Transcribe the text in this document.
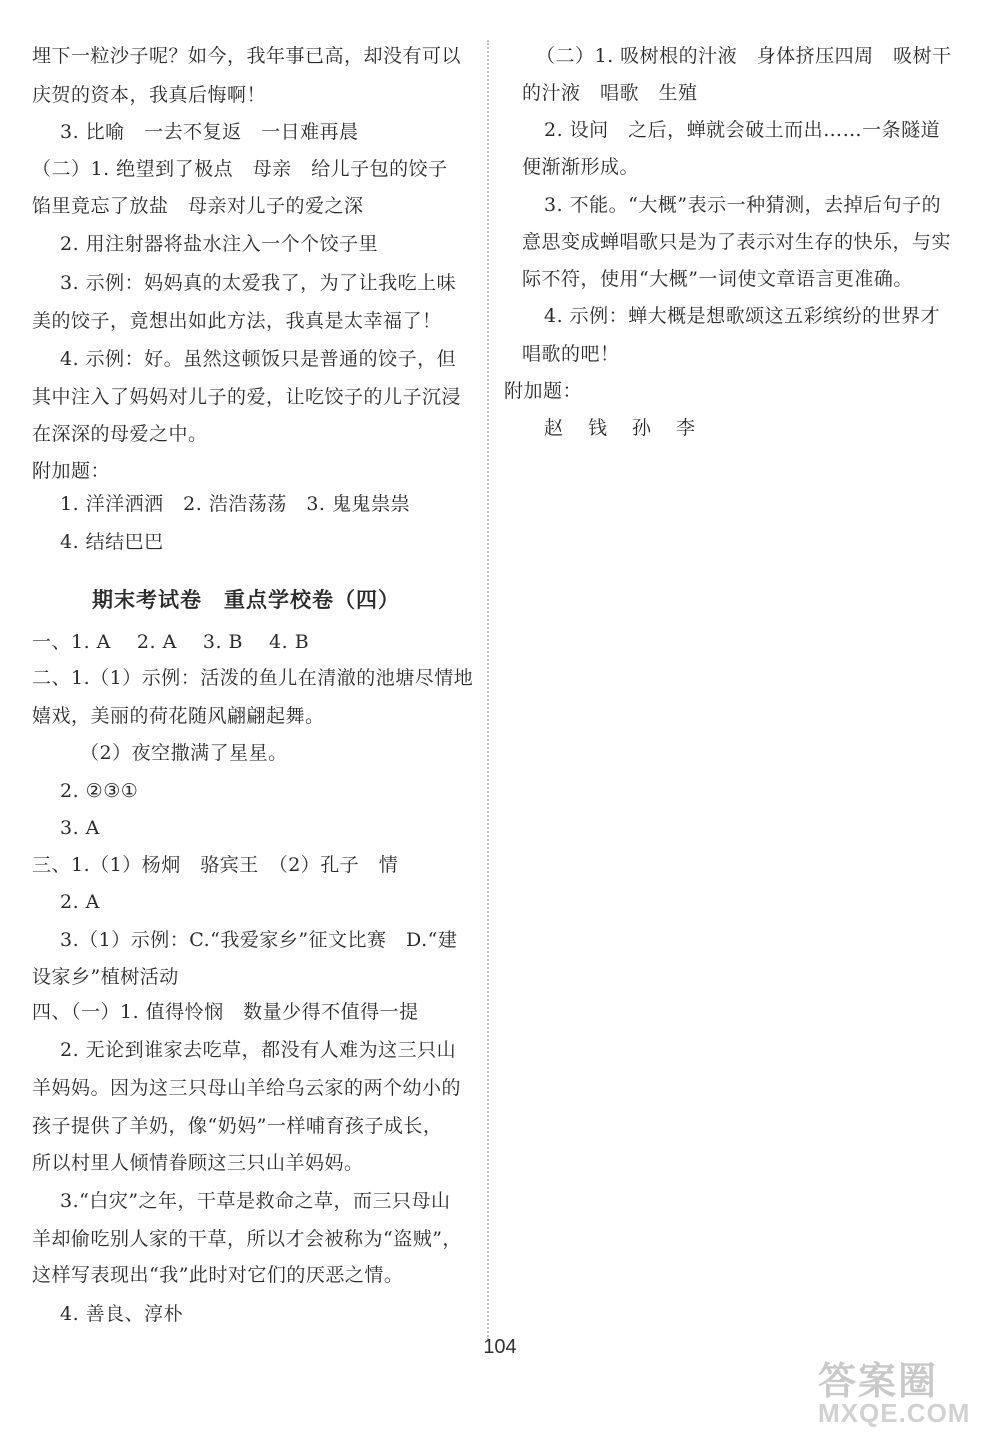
埋下一粒沙子呢？如今，我年事已高，却没有可以
庆贺的资本，我真后悔啊！
3. 比喻　一去不复返　一日难再晨
（二）1. 绝望到了极点　母亲　给儿子包的饺子
馅里竟忘了放盐　母亲对儿子的爱之深
2. 用注射器将盐水注入一个个饺子里
3. 示例：妈妈真的太爱我了，为了让我吃上味
美的饺子，竟想出如此方法，我真是太幸福了！
4. 示例：好。虽然这顿饭只是普通的饺子，但
其中注入了妈妈对儿子的爱，让吃饺子的儿子沉浸
在深深的母爱之中。
附加题：
1. 洋洋洒洒　2. 浩浩荡荡　3. 鬼鬼祟祟
4. 结结巴巴
期末考试卷　重点学校卷（四）
一、1. A　 2. A　 3. B　 4. B
二、1.（1）示例：活泼的鱼儿在清澈的池塘尽情地
嬉戏，美丽的荷花随风翩翩起舞。
（2）夜空撒满了星星。
2. ②③①
3. A
三、1.（1）杨炯　骆宾王　（2）孔子　情
2. A
3.（1）示例：C.“我爱家乡”征文比赛　D.“建
设家乡”植树活动
四、（一）1. 值得怜悯　数量少得不值得一提
2. 无论到谁家去吃草，都没有人难为这三只山
羊妈妈。因为这三只母山羊给乌云家的两个幼小的
孩子提供了羊奶，像“奶妈”一样哺育孩子成长，
所以村里人倾情眷顾这三只山羊妈妈。
3.“白灾”之年，干草是救命之草，而三只母山
羊却偷吃别人家的干草，所以才会被称为“盗贼”，
这样写表现出“我”此时对它们的厌恶之情。
4. 善良、淳朴
（二）1. 吸树根的汁液　身体挤压四周　吸树干
的汁液　唱歌　生殖
2. 设问　之后，蝉就会破土而出……一条隧道
便渐渐形成。
3. 不能。“大概”表示一种猜测，去掉后句子的
意思变成蝉唱歌只是为了表示对生存的快乐，与实
际不符，使用“大概”一词使文章语言更准确。
4. 示例：蝉大概是想歌颂这五彩缤纷的世界才
唱歌的吧！
附加题：
赵　钱　孙　李
104
答案圈
MXQE.COM
